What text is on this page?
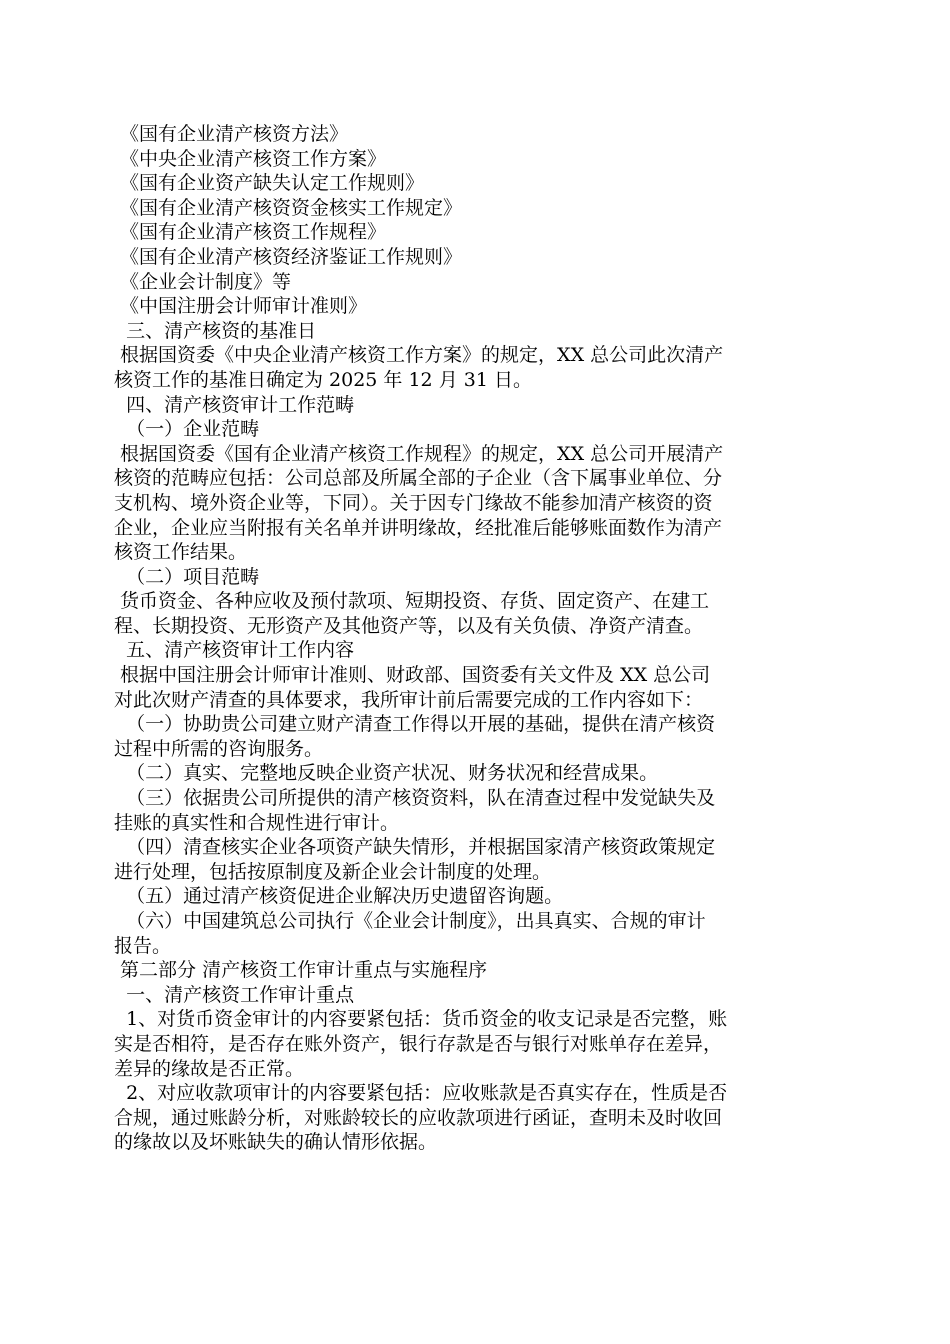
《国有企业清产核资方法》
《中央企业清产核资工作方案》
《国有企业资产缺失认定工作规则》
《国有企业清产核资资金核实工作规定》
《国有企业清产核资工作规程》
《国有企业清产核资经济鉴证工作规则》
《企业会计制度》等
《中国注册会计师审计准则》
三、清产核资的基准日
根据国资委《中央企业清产核资工作方案》的规定，XX 总公司此次清产
核资工作的基准日确定为 2025 年 12 月 31 日。
四、清产核资审计工作范畴
（一）企业范畴
根据国资委《国有企业清产核资工作规程》的规定，XX 总公司开展清产
核资的范畴应包括：公司总部及所属全部的子企业（含下属事业单位、分
支机构、境外资企业等，下同）。关于因专门缘故不能参加清产核资的资
企业，企业应当附报有关名单并讲明缘故，经批准后能够账面数作为清产
核资工作结果。
（二）项目范畴
货币资金、各种应收及预付款项、短期投资、存货、固定资产、在建工
程、长期投资、无形资产及其他资产等，以及有关负债、净资产清查。
五、清产核资审计工作内容
根据中国注册会计师审计准则、财政部、国资委有关文件及 XX 总公司
对此次财产清查的具体要求，我所审计前后需要完成的工作内容如下：
（一）协助贵公司建立财产清查工作得以开展的基础，提供在清产核资
过程中所需的咨询服务。
（二）真实、完整地反映企业资产状况、财务状况和经营成果。
（三）依据贵公司所提供的清产核资资料，队在清查过程中发觉缺失及
挂账的真实性和合规性进行审计。
（四）清查核实企业各项资产缺失情形，并根据国家清产核资政策规定
进行处理，包括按原制度及新企业会计制度的处理。
（五）通过清产核资促进企业解决历史遗留咨询题。
（六）中国建筑总公司执行《企业会计制度》，出具真实、合规的审计
报告。
第二部分 清产核资工作审计重点与实施程序
一、清产核资工作审计重点
1、对货币资金审计的内容要紧包括：货币资金的收支记录是否完整，账
实是否相符，是否存在账外资产，银行存款是否与银行对账单存在差异，
差异的缘故是否正常。
2、对应收款项审计的内容要紧包括：应收账款是否真实存在，性质是否
合规，通过账龄分析，对账龄较长的应收款项进行函证，查明未及时收回
的缘故以及坏账缺失的确认情形依据。
